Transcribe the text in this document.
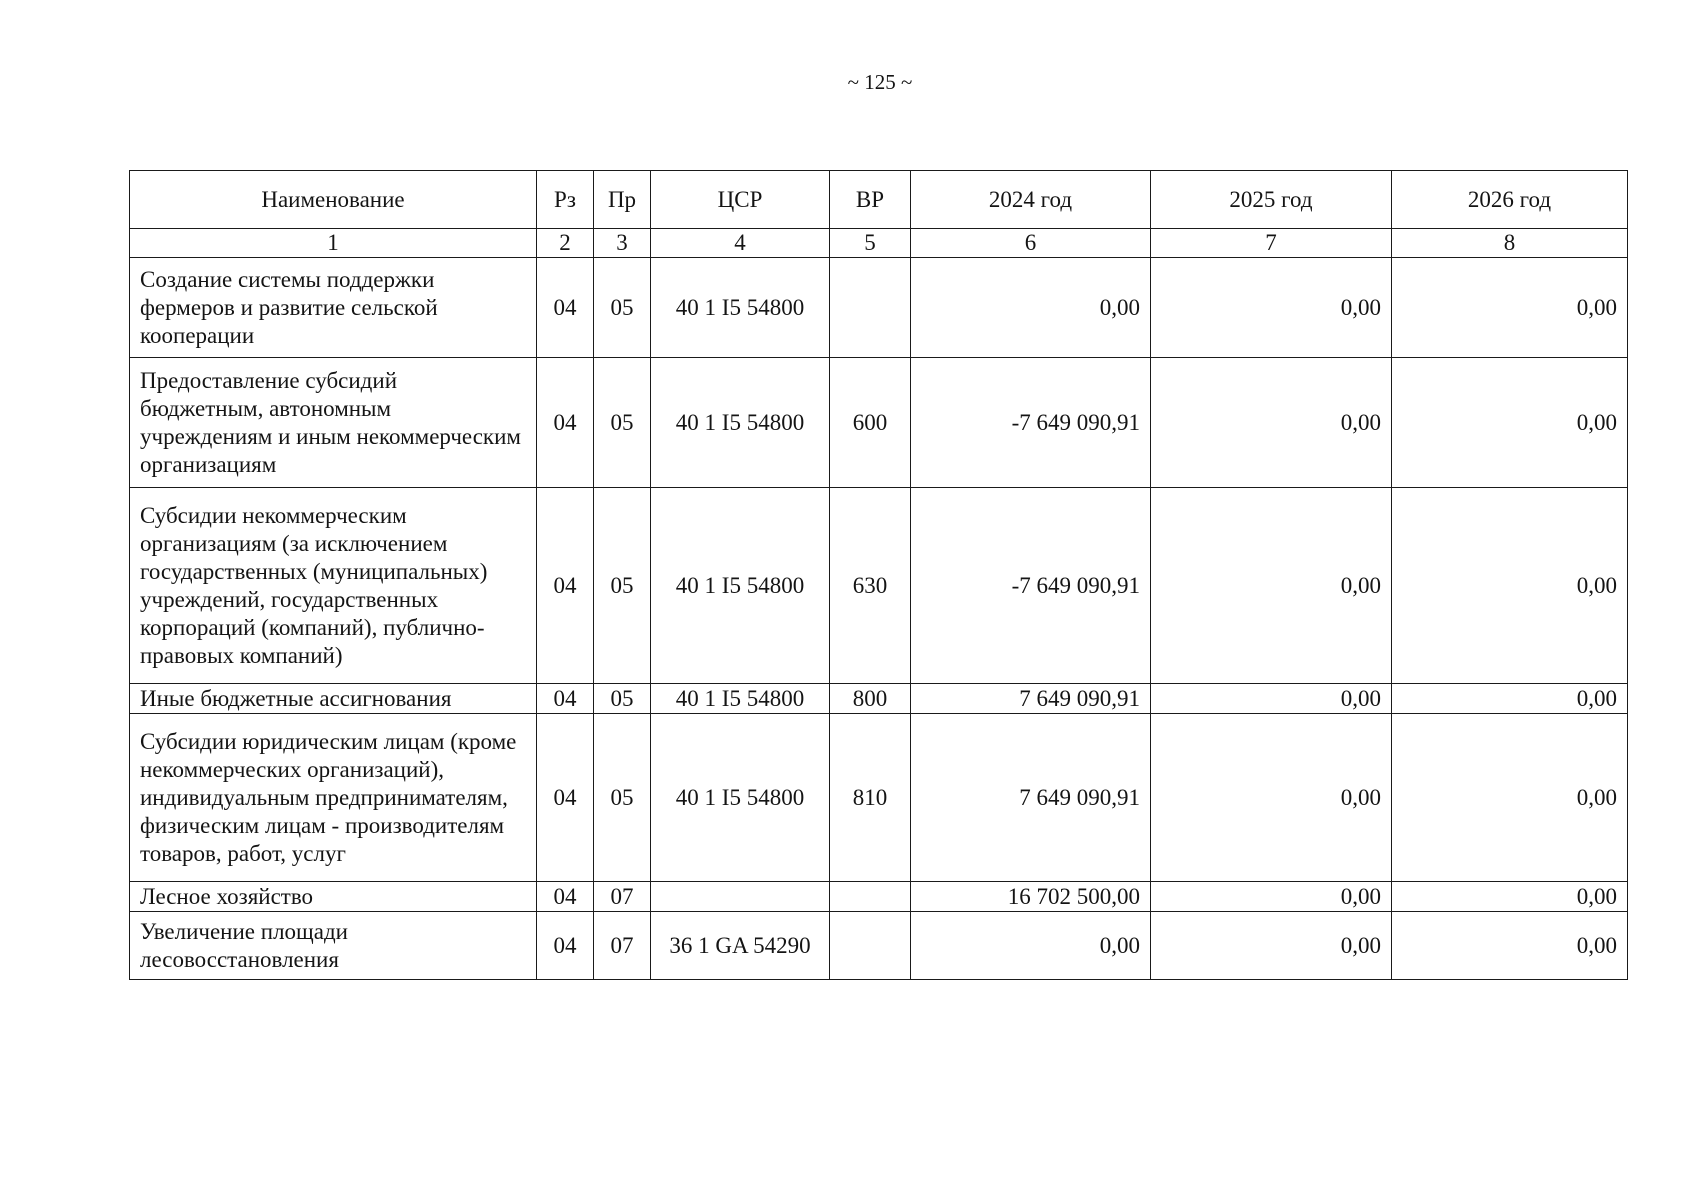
~ 125 ~
Наименование	Рз	Пр	ЦСР	ВР	2024 год	2025 год	2026 год
1	2	3	4	5	6	7	8
Создание системы поддержки фермеров и развитие сельской кооперации	04	05	40 1 I5 54800		0,00	0,00	0,00
Предоставление субсидий бюджетным, автономным учреждениям и иным некоммерческим организациям	04	05	40 1 I5 54800	600	-7 649 090,91	0,00	0,00
Субсидии некоммерческим организациям (за исключением государственных (муниципальных) учреждений, государственных корпораций (компаний), публично-правовых компаний)	04	05	40 1 I5 54800	630	-7 649 090,91	0,00	0,00
Иные бюджетные ассигнования	04	05	40 1 I5 54800	800	7 649 090,91	0,00	0,00
Субсидии юридическим лицам (кроме некоммерческих организаций), индивидуальным предпринимателям, физическим лицам - производителям товаров, работ, услуг	04	05	40 1 I5 54800	810	7 649 090,91	0,00	0,00
Лесное хозяйство	04	07			16 702 500,00	0,00	0,00
Увеличение площади лесовосстановления	04	07	36 1 GA 54290		0,00	0,00	0,00
